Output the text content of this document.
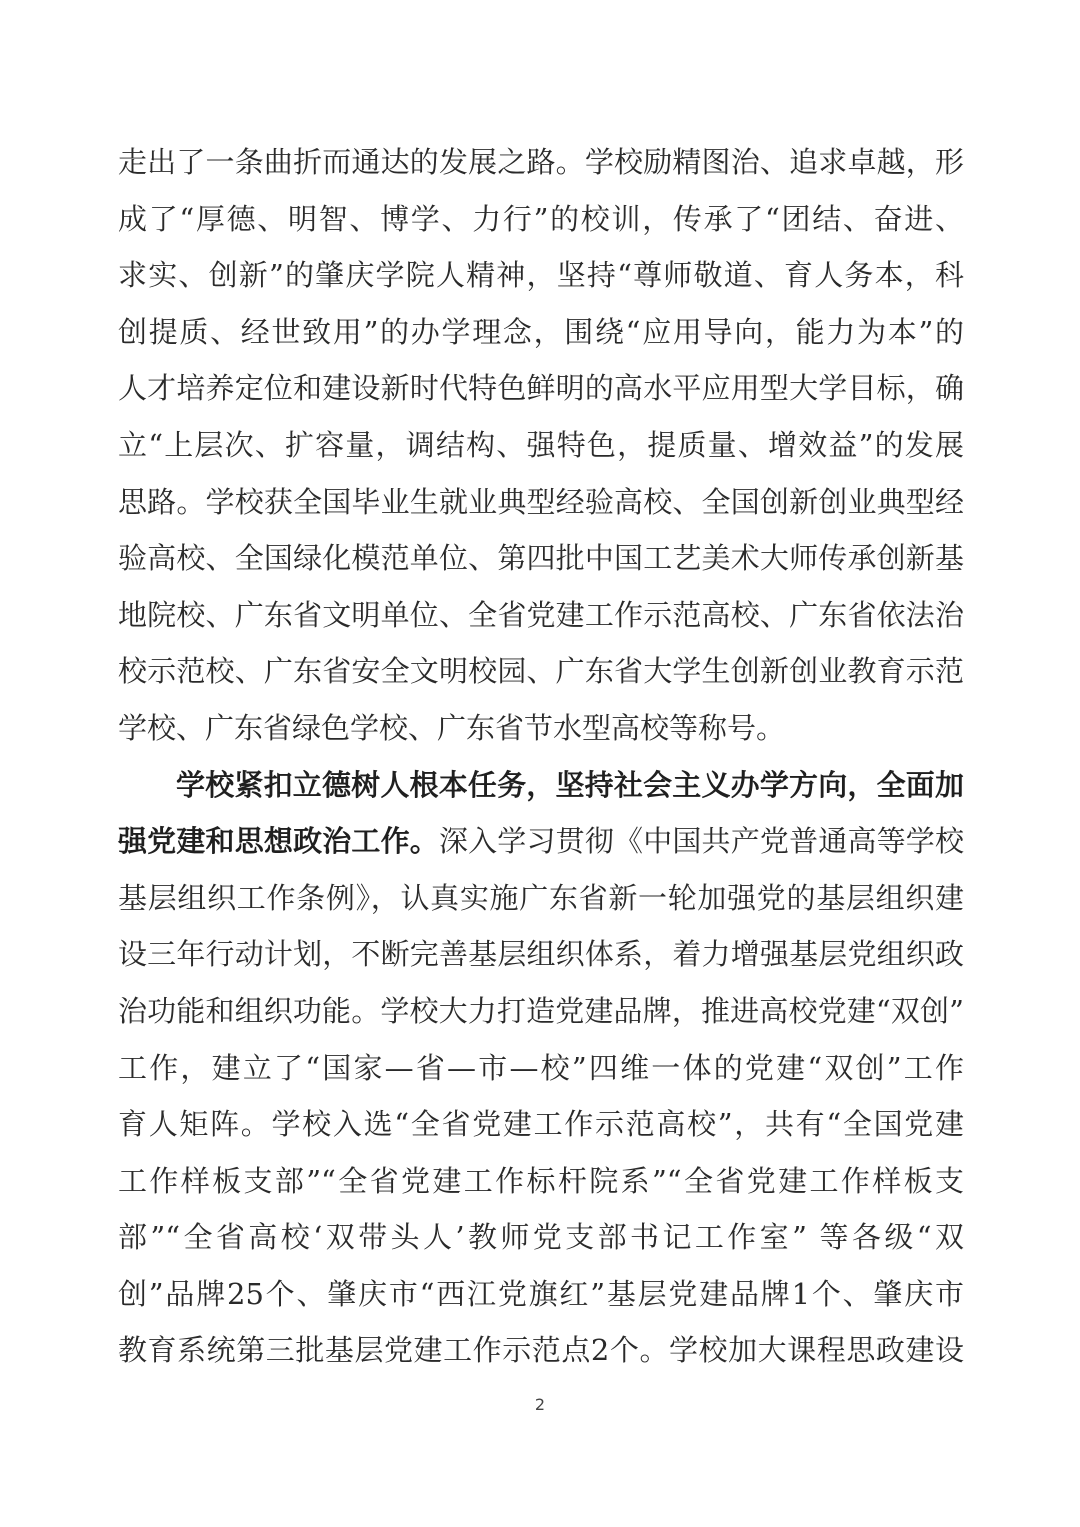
走出了一条曲折而通达的发展之路。学校励精图治、追求卓越，形
成了“厚德、明智、博学、力行”的校训，传承了“团结、奋进、
求实、创新”的肇庆学院人精神，坚持“尊师敬道、育人务本，科
创提质、经世致用”的办学理念，围绕“应用导向，能力为本”的
人才培养定位和建设新时代特色鲜明的高水平应用型大学目标，确
立“上层次、扩容量，调结构、强特色，提质量、增效益”的发展
思路。学校获全国毕业生就业典型经验高校、全国创新创业典型经
验高校、全国绿化模范单位、第四批中国工艺美术大师传承创新基
地院校、广东省文明单位、全省党建工作示范高校、广东省依法治
校示范校、广东省安全文明校园、广东省大学生创新创业教育示范
学校、广东省绿色学校、广东省节水型高校等称号。
学校紧扣立德树人根本任务，坚持社会主义办学方向，全面加
强党建和思想政治工作。深入学习贯彻《中国共产党普通高等学校
基层组织工作条例》，认真实施广东省新一轮加强党的基层组织建
设三年行动计划，不断完善基层组织体系，着力增强基层党组织政
治功能和组织功能。学校大力打造党建品牌，推进高校党建“双创”
工作，建立了“国家—省—市—校”四维一体的党建“双创”工作
育人矩阵。学校入选“全省党建工作示范高校”，共有“全国党建
工作样板支部”“全省党建工作标杆院系”“全省党建工作样板支
部”“全省高校‘双带头人’教师党支部书记工作室” 等各级“双
创”品牌25个、肇庆市“西江党旗红”基层党建品牌1个、肇庆市
教育系统第三批基层党建工作示范点2个。学校加大课程思政建设
2
